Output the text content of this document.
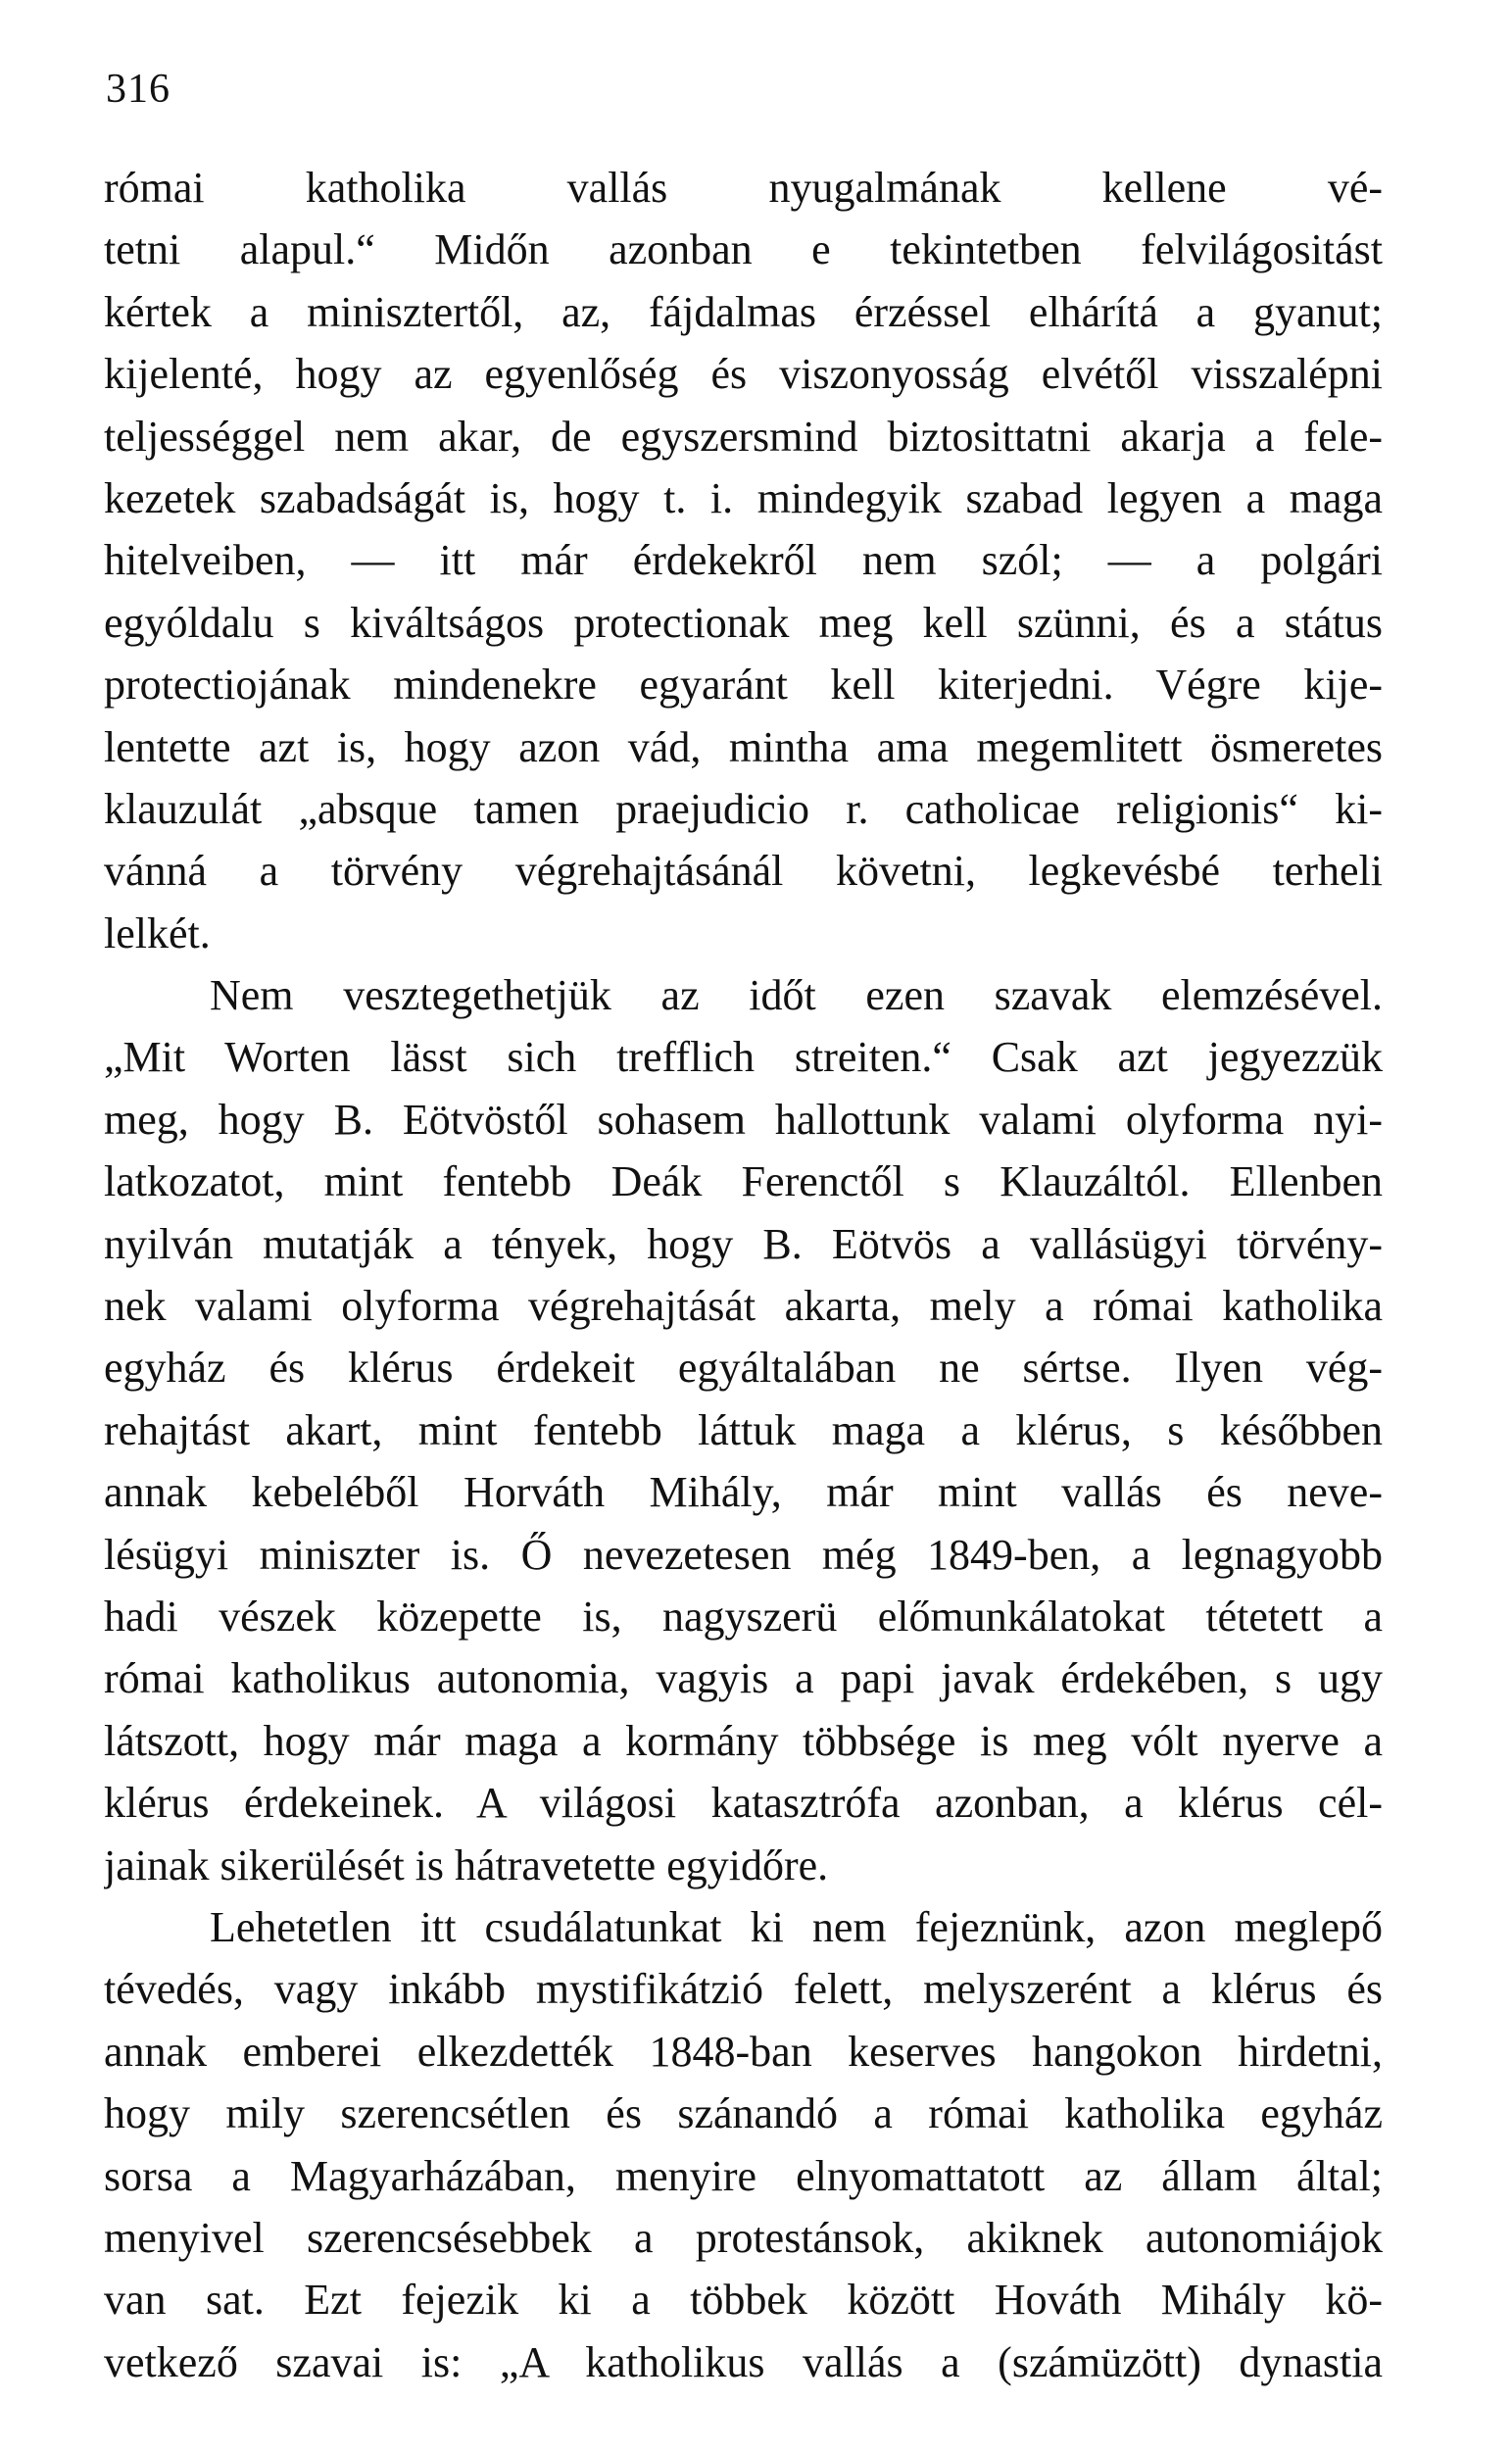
316
római katholika vallás nyugalmának kellene vé-
tetni alapul.“ Midőn azonban e tekintetben felvilágositást
kértek a minisztertől, az, fájdalmas érzéssel elhárítá a gyanut;
kijelenté, hogy az egyenlőség és viszonyosság elvétől visszalépni
teljességgel nem akar, de egyszersmind biztosittatni akarja a fele-
kezetek szabadságát is, hogy t. i. mindegyik szabad legyen a maga
hitelveiben, — itt már érdekekről nem szól; — a polgári
egyóldalu s kiváltságos protectionak meg kell szünni, és a státus
protectiojának mindenekre egyaránt kell kiterjedni. Végre kije-
lentette azt is, hogy azon vád, mintha ama megemlitett ösmeretes
klauzulát „absque tamen praejudicio r. catholicae religionis“ ki-
vánná a törvény végrehajtásánál követni, legkevésbé terheli
lelkét.
Nem vesztegethetjük az időt ezen szavak elemzésével.
„Mit Worten lässt sich trefflich streiten.“ Csak azt jegyezzük
meg, hogy B. Eötvöstől sohasem hallottunk valami olyforma nyi-
latkozatot, mint fentebb Deák Ferenctől s Klauzáltól. Ellenben
nyilván mutatják a tények, hogy B. Eötvös a vallásügyi törvény-
nek valami olyforma végrehajtását akarta, mely a római katholika
egyház és klérus érdekeit egyáltalában ne sértse. Ilyen vég-
rehajtást akart, mint fentebb láttuk maga a klérus, s későbben
annak kebeléből Horváth Mihály, már mint vallás és neve-
lésügyi miniszter is. Ő nevezetesen még 1849-ben, a legnagyobb
hadi vészek közepette is, nagyszerü előmunkálatokat tétetett a
római katholikus autonomia, vagyis a papi javak érdekében, s ugy
látszott, hogy már maga a kormány többsége is meg vólt nyerve a
klérus érdekeinek. A világosi katasztrófa azonban, a klérus cél-
jainak sikerülését is hátravetette egyidőre.
Lehetetlen itt csudálatunkat ki nem fejeznünk, azon meglepő
tévedés, vagy inkább mystifikátzió felett, melyszerént a klérus és
annak emberei elkezdették 1848-ban keserves hangokon hirdetni,
hogy mily szerencsétlen és szánandó a római katholika egyház
sorsa a Magyarházában, menyire elnyomattatott az állam által;
menyivel szerencsésebbek a protestánsok, akiknek autonomiájok
van sat. Ezt fejezik ki a többek között Hováth Mihály kö-
vetkező szavai is: „A katholikus vallás a (számüzött) dynastia
